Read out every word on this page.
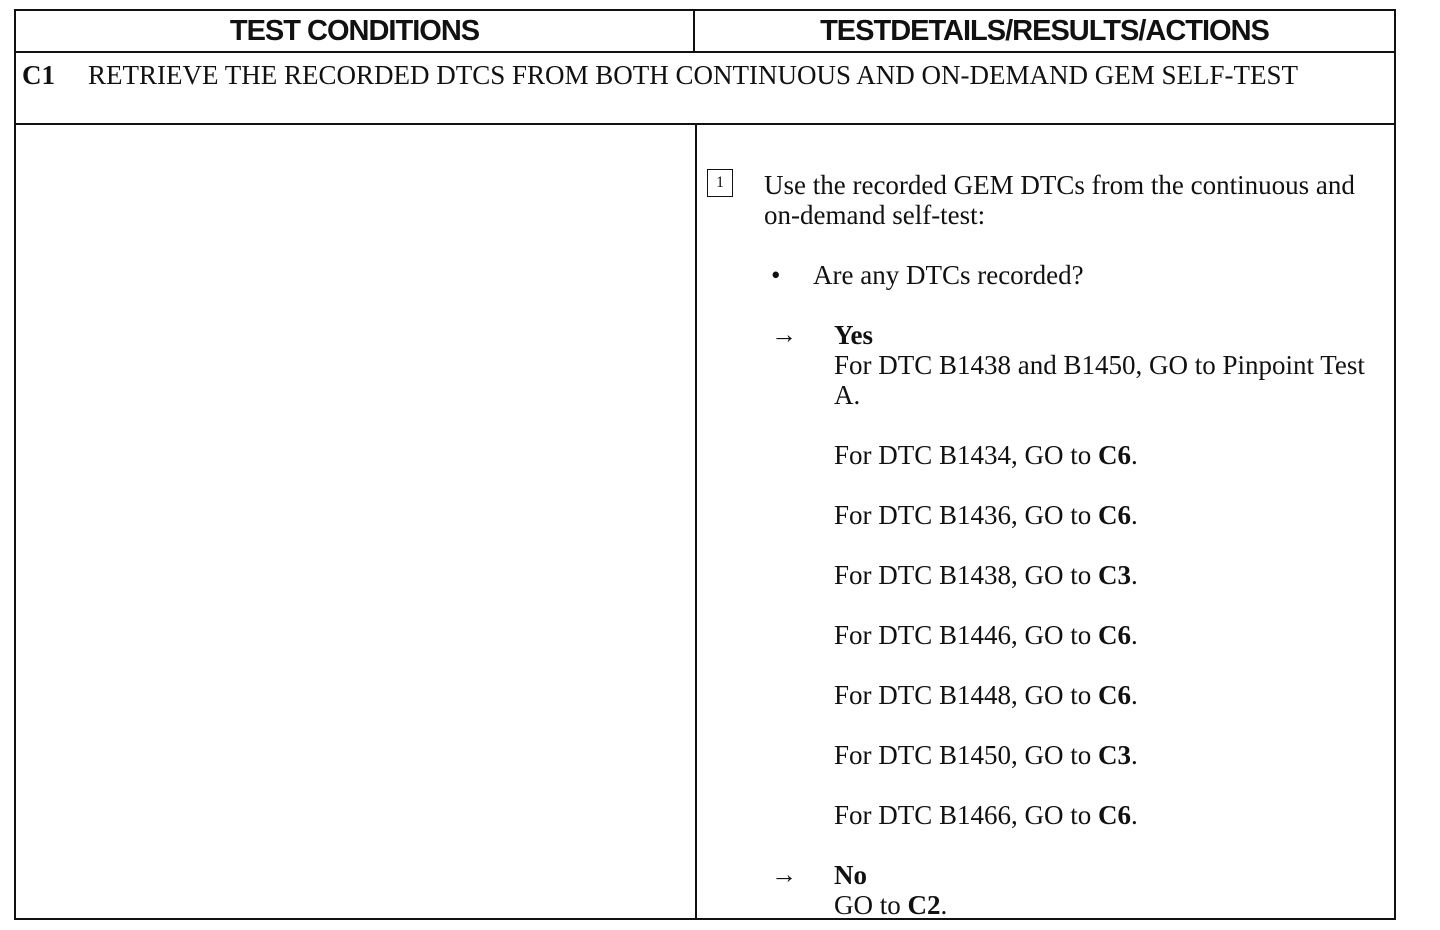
TEST CONDITIONS	TESTDETAILS/RESULTS/ACTIONS
C1 RETRIEVE THE RECORDED DTCS FROM BOTH CONTINUOUS AND ON-DEMAND GEM SELF-TEST
1	Use the recorded GEM DTCs from the continuous and on-demand self-test:
• Are any DTCs recorded?
→ Yes
For DTC B1438 and B1450, GO to Pinpoint Test A.
For DTC B1434, GO to C6.
For DTC B1436, GO to C6.
For DTC B1438, GO to C3.
For DTC B1446, GO to C6.
For DTC B1448, GO to C6.
For DTC B1450, GO to C3.
For DTC B1466, GO to C6.
→ No
GO to C2.
